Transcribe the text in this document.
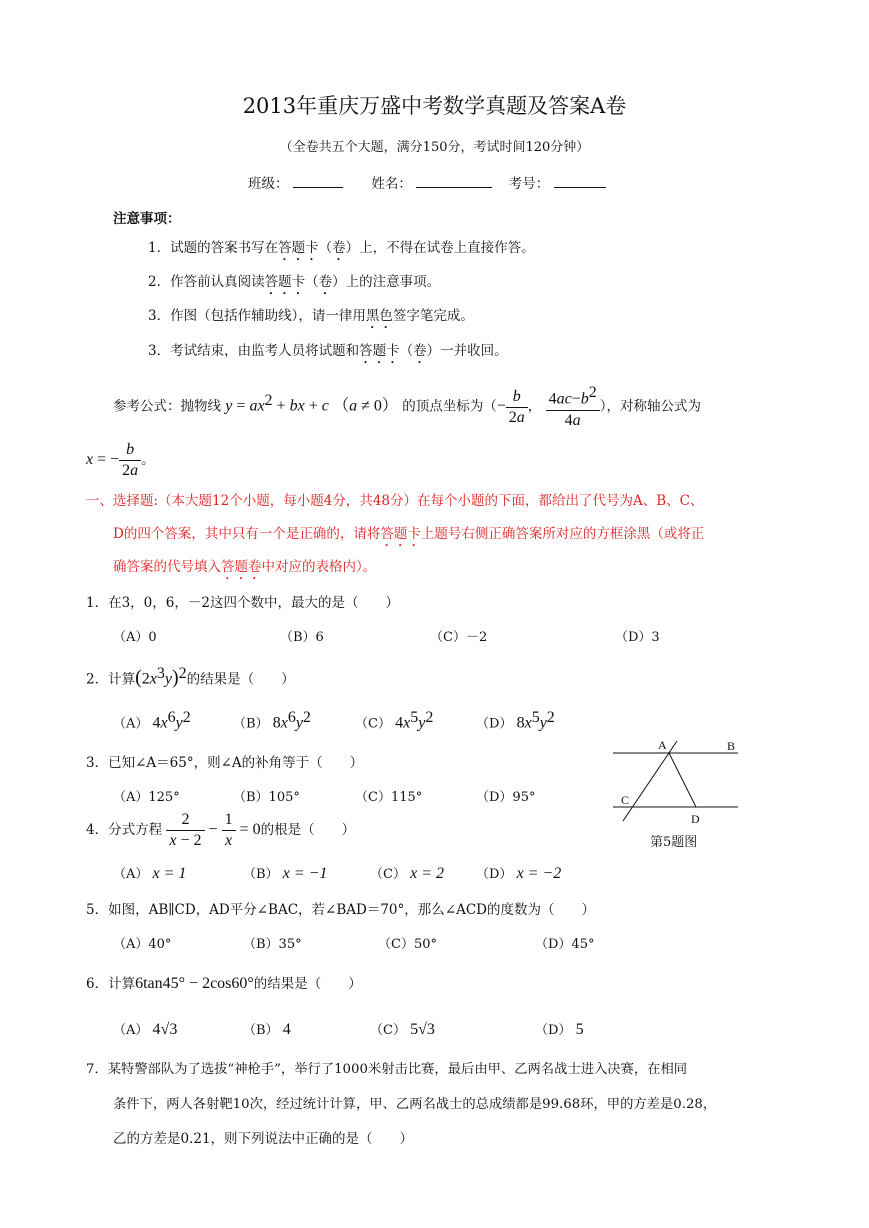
2013年重庆万盛中考数学真题及答案A卷
（全卷共五个大题，满分150分，考试时间120分钟）
班级：	姓名：	考号：
注意事项：
1．试题的答案书写在答题卡（卷）上，不得在试卷上直接作答。
2．作答前认真阅读答题卡（卷）上的注意事项。
3．作图（包括作辅助线），请一律用黑色签字笔完成。
3．考试结束，由监考人员将试题和答题卡（卷）一并收回。
参考公式：抛物线 $y = ax^2$ + bx + c （a ≠ 0） 的顶点坐标为（− $\frac{b}{2a}$ ， $\frac{4ac-b^2}{4a}$ ），对称轴公式为
x = − $\frac{b}{2a}$ 。
一、选择题:（本大题12个小题，每小题4分，共48分）在每个小题的下面，都给出了代号为A、B、C、
D的四个答案，其中只有一个是正确的，请将答题卡上题号右侧正确答案所对应的方框涂黑（或将正
确答案的代号填入答题卷中对应的表格内）。
1．在3，0，6，－2这四个数中，最大的是（　　）
（A）0	（B）6	（C）－2	（D）3
2．计算$(2x^3y)^2$的结果是（　　）
（A） $4x^6y^2$	（B） $8x^6y^2$	（C） $4x^5y^2$	（D） $8x^5y^2$
3．已知∠A＝65°，则∠A的补角等于（　　）
（A）125°	（B）105°	（C）115°	（D）95°
A	B
C
D
第5题图
4．分式方程 $\frac{2}{x - 2} - \frac{1}{x} = 0$的根是（　　）
（A） x = 1	（B） x = −1	（C） x = 2 （D） x = −2
5．如图，AB∥CD，AD平分∠BAC，若∠BAD＝70°，那么∠ACD的度数为（　　）
（A）40°	（B）35°	（C）50°	（D）45°
6．计算6tan45° − 2cos60°的结果是（　　）
（A） 4√3	（B） 4	（C） 5√3	（D） 5
7．某特警部队为了选拔“神枪手”，举行了1000米射击比赛，最后由甲、乙两名战士进入决赛，在相同
条件下，两人各射靶10次，经过统计计算，甲、乙两名战士的总成绩都是99.68环，甲的方差是0.28，
乙的方差是0.21，则下列说法中正确的是（　　）
